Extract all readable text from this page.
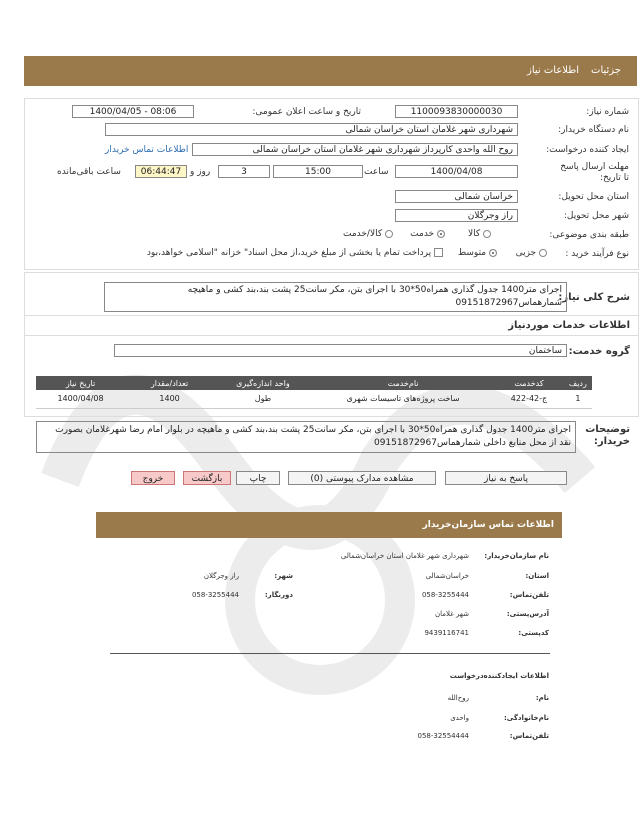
جزئیات
اطلاعات نیاز
شماره نیاز:
1100093830000030
تاریخ و ساعت اعلان عمومی:
1400/04/05 - 08:06
نام دستگاه خریدار:
شهرداری شهر غلامان استان خراسان شمالی
ایجاد کننده درخواست:
روح الله واحدی کارپرداز شهرداری شهر غلامان استان خراسان شمالی
اطلاعات تماس خریدار
مهلت ارسال پاسخ تا تاریخ:
1400/04/08
ساعت
15:00
3
روز و
06:44:47
ساعت باقی‌مانده
استان محل تحویل:
خراسان شمالی
شهر محل تحویل:
راز وجرگلان
طبقه بندی موضوعی:
کالا
خدمت
کالا/خدمت
نوع فرآیند خرید :
جزیی
متوسط
پرداخت تمام یا بخشی از مبلغ خرید،از محل اسناد" خزانه "اسلامی خواهد،بود
شرح کلی نیاز:
اجرای متر1400 جدول گذاری همراه50*30 با اجرای بتن، مکر سانت25 پشت بند،بند کشی و ماهیچه شمارهماس09151872967
اطلاعات خدمات مورد‌نیاز
گروه خدمت:
ساختمان
ردیف	کدخدمت	نام‌خدمت	واحد اندازه‌گیری	تعداد/مقدار	تاریخ نیاز
1	ج-42-422	ساخت پروژه‌های تاسیسات شهری	طول	1400	1400/04/08
توضیحات خریدار:
اجرای متر1400 جدول گذاری همراه50*30 با اجرای بتن، مکر سانت25 پشت بند،بند کشی و ماهیچه در بلوار امام رضا شهرغلامان بصورت نقد از محل منابع داخلی شمارهماس09151872967
پاسخ به نیاز
مشاهده مدارک پیوستی (0)
چاپ
بازگشت
خروج
اطلاعات تماس سازمان‌خریدار
نام سازمان‌خریدار:
شهرداری شهر غلامان استان خراسان‌شمالی
استان:
خراسان‌شمالی
شهر:
راز وجرگلان
تلفن‌تماس:
058-3255444
دورنگار:
058-3255444
آدرس‌پستی:
شهر غلامان
کدپستی:
9439116741
اطلاعات ایجادکننده‌درخواست
نام:
روح‌الله
نام‌خانوادگی:
واحدی
تلفن‌تماس:
058-32554444
